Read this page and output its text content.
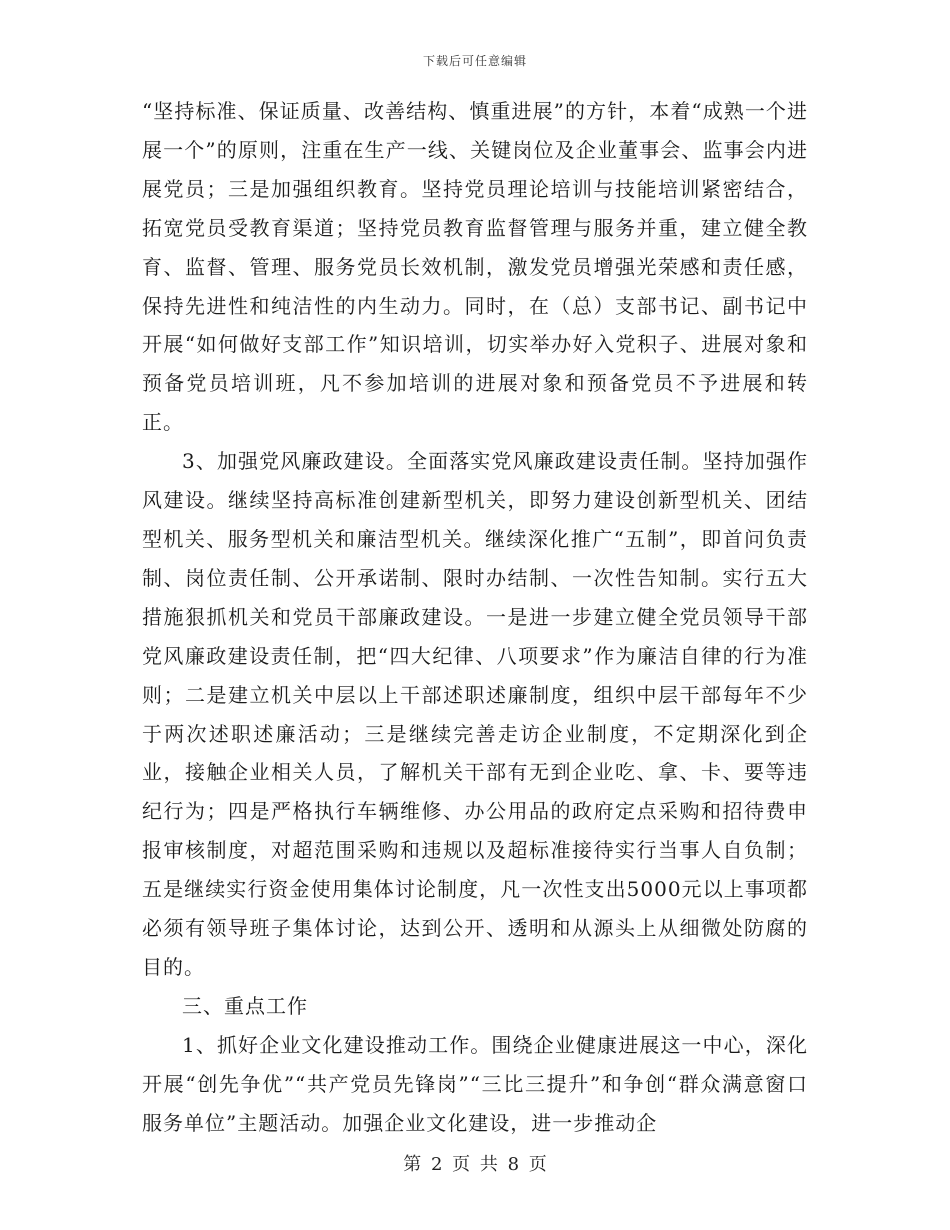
下载后可任意编辑

“坚持标准、保证质量、改善结构、慎重进展”的方针，本着“成熟一个进展一个”的原则，注重在生产一线、关键岗位及企业董事会、监事会内进展党员；三是加强组织教育。坚持党员理论培训与技能培训紧密结合，拓宽党员受教育渠道；坚持党员教育监督管理与服务并重，建立健全教育、监督、管理、服务党员长效机制，激发党员增强光荣感和责任感，保持先进性和纯洁性的内生动力。同时，在（总）支部书记、副书记中开展“如何做好支部工作”知识培训，切实举办好入党积子、进展对象和预备党员培训班，凡不参加培训的进展对象和预备党员不予进展和转正。

3、加强党风廉政建设。全面落实党风廉政建设责任制。坚持加强作风建设。继续坚持高标准创建新型机关，即努力建设创新型机关、团结型机关、服务型机关和廉洁型机关。继续深化推广“五制”，即首问负责制、岗位责任制、公开承诺制、限时办结制、一次性告知制。实行五大措施狠抓机关和党员干部廉政建设。一是进一步建立健全党员领导干部党风廉政建设责任制，把“四大纪律、八项要求”作为廉洁自律的行为准则；二是建立机关中层以上干部述职述廉制度，组织中层干部每年不少于两次述职述廉活动；三是继续完善走访企业制度，不定期深化到企业，接触企业相关人员，了解机关干部有无到企业吃、拿、卡、要等违纪行为；四是严格执行车辆维修、办公用品的政府定点采购和招待费申报审核制度，对超范围采购和违规以及超标准接待实行当事人自负制；五是继续实行资金使用集体讨论制度，凡一次性支出5000元以上事项都必须有领导班子集体讨论，达到公开、透明和从源头上从细微处防腐的目的。

三、重点工作

1、抓好企业文化建设推动工作。围绕企业健康进展这一中心，深化开展“创先争优”“共产党员先锋岗”“三比三提升”和争创“群众满意窗口服务单位”主题活动。加强企业文化建设，进一步推动企

第 2 页 共 8 页
